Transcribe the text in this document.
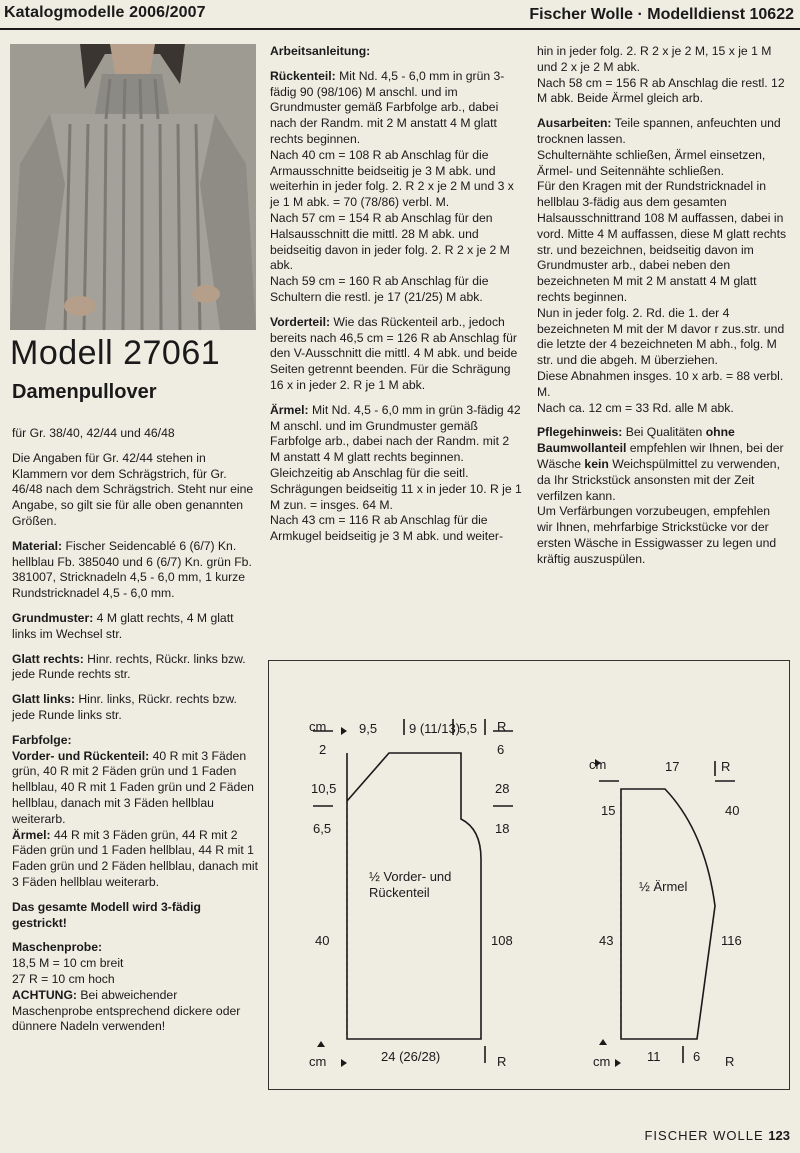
Katalogmodelle 2006/2007	Fischer Wolle · Modelldienst 10622
Modell 27061
Damenpullover

für Gr. 38/40, 42/44 und 46/48

Die Angaben für Gr. 42/44 stehen in Klammern vor dem Schrägstrich, für Gr. 46/48 nach dem Schrägstrich. Steht nur eine Angabe, so gilt sie für alle oben genannten Größen.

Material: Fischer Seidencablé 6 (6/7) Kn. hellblau Fb. 385040 und 6 (6/7) Kn. grün Fb. 381007, Stricknadeln 4,5 - 6,0 mm, 1 kurze Rundstricknadel 4,5 - 6,0 mm.

Grundmuster: 4 M glatt rechts, 4 M glatt links im Wechsel str.

Glatt rechts: Hinr. rechts, Rückr. links bzw. jede Runde rechts str.

Glatt links: Hinr. links, Rückr. rechts bzw. jede Runde links str.

Farbfolge:
Vorder- und Rückenteil: 40 R mit 3 Fäden grün, 40 R mit 2 Fäden grün und 1 Faden hellblau, 40 R mit 1 Faden grün und 2 Fäden hellblau, danach mit 3 Fäden hellblau weiterarb.
Ärmel: 44 R mit 3 Fäden grün, 44 R mit 2 Fäden grün und 1 Faden hellblau, 44 R mit 1 Faden grün und 2 Fäden hellblau, danach mit 3 Fäden hellblau weiterarb.

Das gesamte Modell wird 3-fädig gestrickt!

Maschenprobe:
18,5 M = 10 cm breit
27 R = 10 cm hoch
ACHTUNG: Bei abweichender Maschenprobe entsprechend dickere oder dünnere Nadeln verwenden!

Arbeitsanleitung:

Rückenteil: Mit Nd. 4,5 - 6,0 mm in grün 3-fädig 90 (98/106) M anschl. und im Grundmuster gemäß Farbfolge arb., dabei nach der Randm. mit 2 M anstatt 4 M glatt rechts beginnen.
Nach 40 cm = 108 R ab Anschlag für die Armausschnitte beidseitig je 3 M abk. und weiterhin in jeder folg. 2. R 2 x je 2 M und 3 x je 1 M abk. = 70 (78/86) verbl. M.
Nach 57 cm = 154 R ab Anschlag für den Halsausschnitt die mittl. 28 M abk. und beidseitig davon in jeder folg. 2. R 2 x je 2 M abk.
Nach 59 cm = 160 R ab Anschlag für die Schultern die restl. je 17 (21/25) M abk.

Vorderteil: Wie das Rückenteil arb., jedoch bereits nach 46,5 cm = 126 R ab Anschlag für den V-Ausschnitt die mittl. 4 M abk. und beide Seiten getrennt beenden. Für die Schrägung 16 x in jeder 2. R je 1 M abk.

Ärmel: Mit Nd. 4,5 - 6,0 mm in grün 3-fädig 42 M anschl. und im Grundmuster gemäß Farbfolge arb., dabei nach der Randm. mit 2 M anstatt 4 M glatt rechts beginnen.
Gleichzeitig ab Anschlag für die seitl. Schrägungen beidseitig 11 x in jeder 10. R je 1 M zun. = insges. 64 M.
Nach 43 cm = 116 R ab Anschlag für die Armkugel beidseitig je 3 M abk. und weiter-

hin in jeder folg. 2. R 2 x je 2 M, 15 x je 1 M und 2 x je 2 M abk.
Nach 58 cm = 156 R ab Anschlag die restl. 12 M abk. Beide Ärmel gleich arb.

Ausarbeiten: Teile spannen, anfeuchten und trocknen lassen.
Schulternähte schließen, Ärmel einsetzen, Ärmel- und Seitennähte schließen.
Für den Kragen mit der Rundstricknadel in hellblau 3-fädig aus dem gesamten Halsausschnittrand 108 M auffassen, dabei in vord. Mitte 4 M auffassen, diese M glatt rechts str. und bezeichnen, beidseitig davon im Grundmuster arb., dabei neben den bezeichneten M mit 2 M anstatt 4 M glatt rechts beginnen.
Nun in jeder folg. 2. Rd. die 1. der 4 bezeichneten M mit der M davor r zus.str. und die letzte der 4 bezeichneten M abh., folg. M str. und die abgeh. M überziehen.
Diese Abnahmen insges. 10 x arb. = 88 verbl. M.
Nach ca. 12 cm = 33 Rd. alle M abk.

Pflegehinweis: Bei Qualitäten ohne Baumwollanteil empfehlen wir Ihnen, bei der Wäsche kein Weichspülmittel zu verwenden, da Ihr Strickstück ansonsten mit der Zeit verfilzen kann.
Um Verfärbungen vorzubeugen, empfehlen wir Ihnen, mehrfarbige Strickstücke vor der ersten Wäsche in Essigwasser zu legen und kräftig auszuspülen.

cm	9,5 9 (11/13)
5,5 R
2
10,5
6,5
40
6
28
18
108
½ Vorder- und
Rückenteil
cm	24 (26/28)	R
cm	17	R
15
43
40
116
½ Ärmel
cm	11	6 R
FISCHER WOLLE 123
